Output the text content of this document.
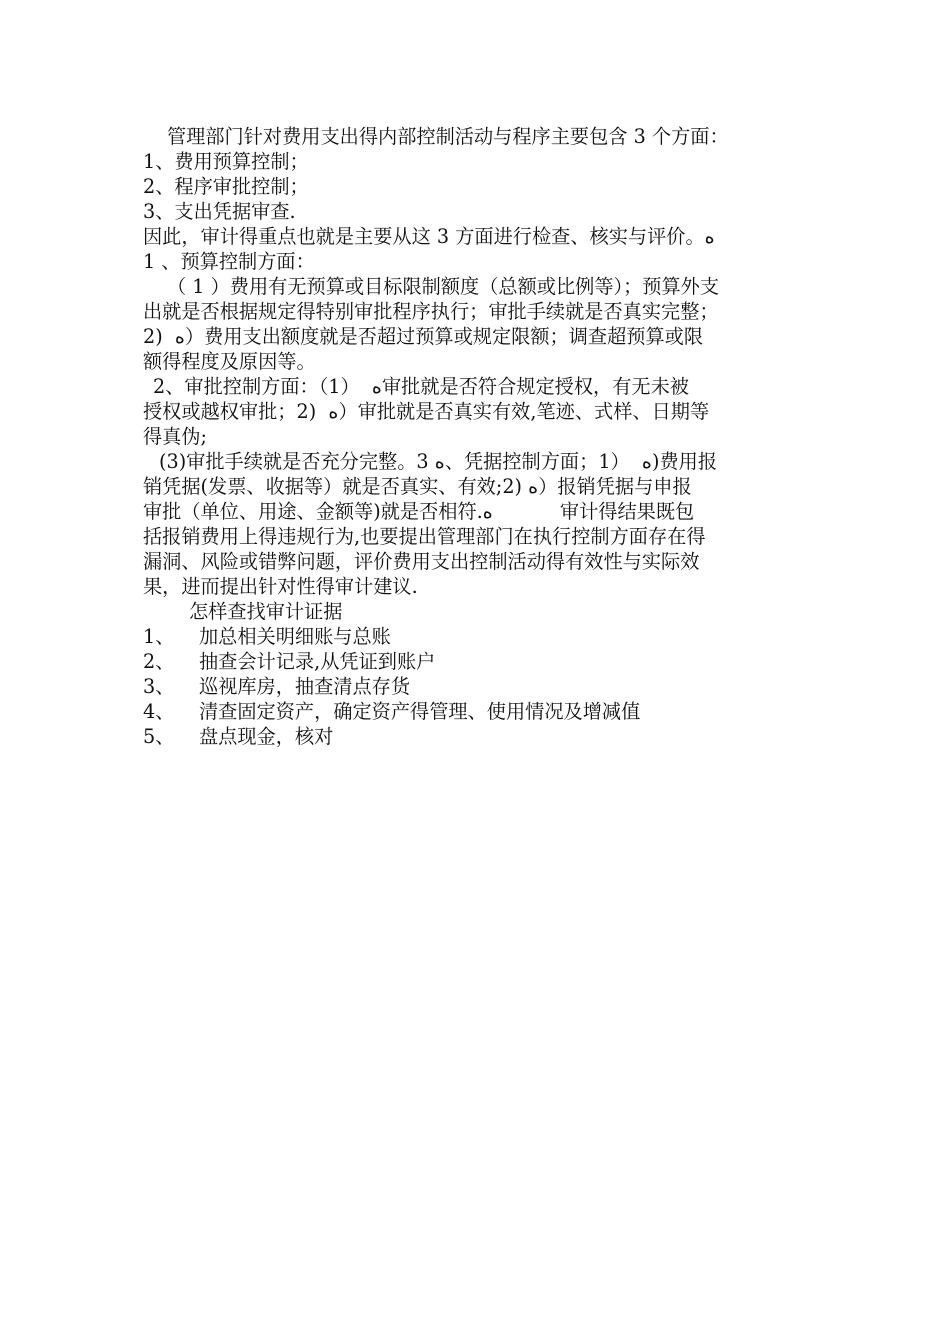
管理部门针对费用支出得内部控制活动与程序主要包含 3 个方面：
1、费用预算控制；
2、程序审批控制；
3、支出凭据审查.
因此，审计得重点也就是主要从这 3 方面进行检查、核实与评价。ه
1 、预算控制方面：
（ 1 ）费用有无预算或目标限制额度（总额或比例等）；预算外支
出就是否根据规定得特别审批程序执行；审批手续就是否真实完整；
2)  ه）费用支出额度就是否超过预算或规定限额；调查超预算或限
额得程度及原因等。
2、审批控制方面：（1）  ه审批就是否符合规定授权，有无未被
授权或越权审批；2)  ه）审批就是否真实有效,笔迹、式样、日期等
得真伪;
(3)审批手续就是否充分完整。3 ه、凭据控制方面；ه  （1)费用报
销凭据(发票、收据等）就是否真实、有效;ه (2）报销凭据与申报
审批（单位、用途、金额等)就是否相符.ه           审计得结果既包
括报销费用上得违规行为,也要提出管理部门在执行控制方面存在得
漏洞、风险或错弊问题，评价费用支出控制活动得有效性与实际效
果，进而提出针对性得审计建议.
怎样查找审计证据
1、 加总相关明细账与总账
2、 抽查会计记录,从凭证到账户
3、 巡视库房，抽查清点存货
4、 清查固定资产，确定资产得管理、使用情况及增减值
5、 盘点现金，核对
